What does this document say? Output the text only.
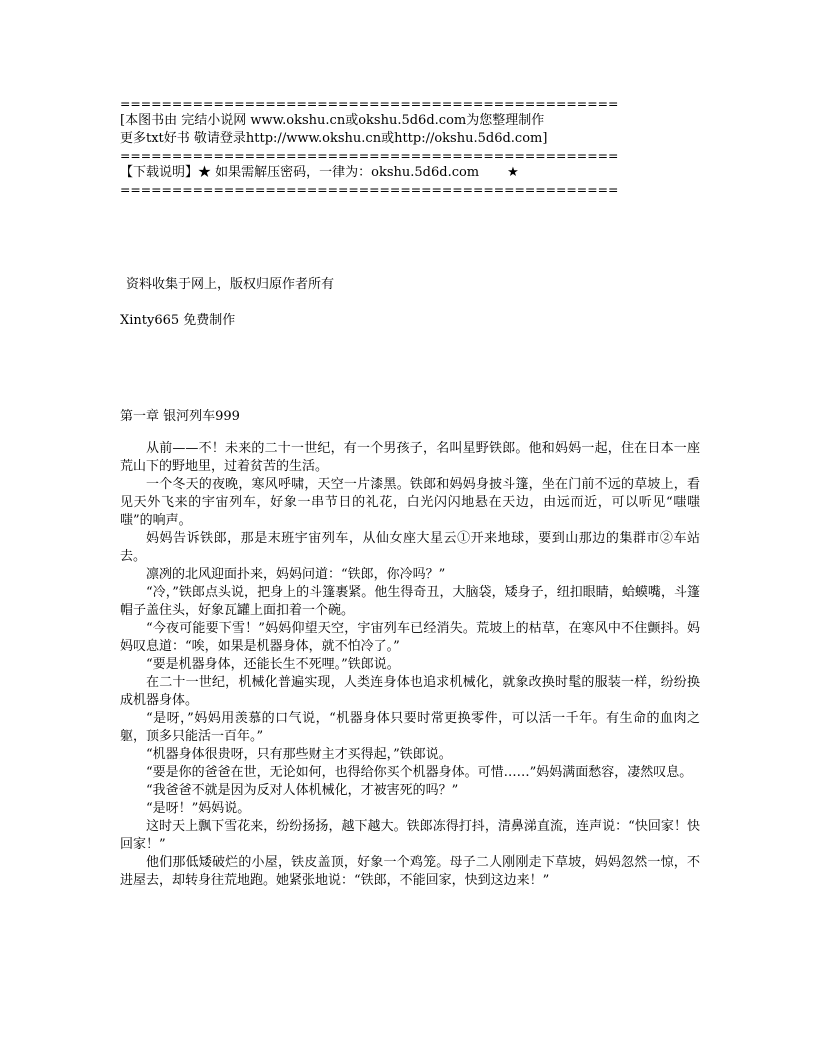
================================================
[本图书由 完结小说网 www.okshu.cn或okshu.5d6d.com为您整理制作
更多txt好书 敬请登录http://www.okshu.cn或http://okshu.5d6d.com]
================================================
【下载说明】★ 如果需解压密码，一律为：okshu.5d6d.com ★
================================================
资料收集于网上，版权归原作者所有
Xinty665 免费制作
第一章 银河列车999

从前——不！未来的二十一世纪，有一个男孩子，名叫星野铁郎。他和妈妈一起，住在日本一座荒山下的野地里，过着贫苦的生活。

一个冬天的夜晚，寒风呼啸，天空一片漆黑。铁郎和妈妈身披斗篷，坐在门前不远的草坡上，看见天外飞来的宇宙列车，好象一串节日的礼花，白光闪闪地悬在天边，由远而近，可以听见“嗤嗤嗤”的响声。

妈妈告诉铁郎，那是末班宇宙列车，从仙女座大星云①开来地球，要到山那边的集群市②车站去。

凛冽的北风迎面扑来，妈妈问道：“铁郎，你冷吗？”

“冷，”铁郎点头说，把身上的斗篷裹紧。他生得奇丑，大脑袋，矮身子，纽扣眼睛，蛤蟆嘴，斗篷帽子盖住头，好象瓦罐上面扣着一个碗。

“今夜可能要下雪！”妈妈仰望天空，宇宙列车已经消失。荒坡上的枯草，在寒风中不住颤抖。妈妈叹息道：“唉，如果是机器身体，就不怕冷了。”

“要是机器身体，还能长生不死哩。”铁郎说。

在二十一世纪，机械化普遍实现，人类连身体也追求机械化，就象改换时髦的服装一样，纷纷换成机器身体。

“是呀，”妈妈用羡慕的口气说，“机器身体只要时常更换零件，可以活一千年。有生命的血肉之躯，顶多只能活一百年。”

“机器身体很贵呀，只有那些财主才买得起，”铁郎说。

“要是你的爸爸在世，无论如何，也得给你买个机器身体。可惜……”妈妈满面愁容，凄然叹息。

“我爸爸不就是因为反对人体机械化，才被害死的吗？”

“是呀！”妈妈说。

这时天上飘下雪花来，纷纷扬扬，越下越大。铁郎冻得打抖，清鼻涕直流，连声说：“快回家！快回家！”

他们那低矮破烂的小屋，铁皮盖顶，好象一个鸡笼。母子二人刚刚走下草坡，妈妈忽然一惊，不进屋去，却转身往荒地跑。她紧张地说：“铁郎，不能回家，快到这边来！”
